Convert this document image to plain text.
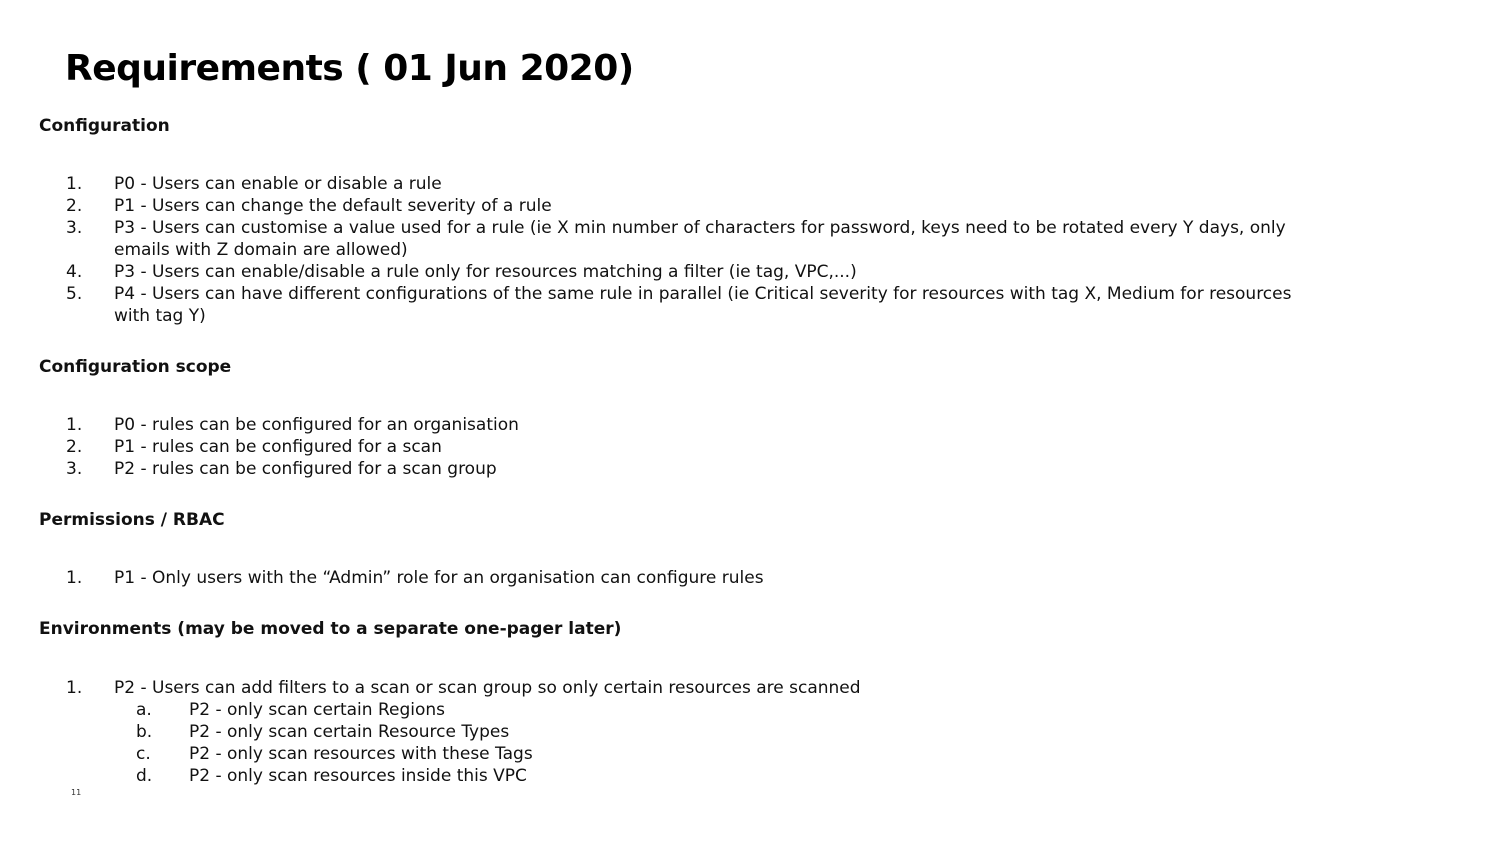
Requirements ( 01 Jun 2020)
Configuration
1. P0 - Users can enable or disable a rule
2. P1 - Users can change the default severity of a rule
3. P3 - Users can customise a value used for a rule (ie X min number of characters for password, keys need to be rotated every Y days, only emails with Z domain are allowed)
4. P3 - Users can enable/disable a rule only for resources matching a filter (ie tag, VPC,...)
5. P4 - Users can have different configurations of the same rule in parallel (ie Critical severity for resources with tag X, Medium for resources with tag Y)
Configuration scope
1. P0 - rules can be configured for an organisation
2. P1 - rules can be configured for a scan
3. P2 - rules can be configured for a scan group
Permissions / RBAC
1. P1 - Only users with the “Admin” role for an organisation can configure rules
Environments (may be moved to a separate one-pager later)
1. P2 - Users can add filters to a scan or scan group so only certain resources are scanned
a. P2 - only scan certain Regions
b. P2 - only scan certain Resource Types
c. P2 - only scan resources with these Tags
d. P2 - only scan resources inside this VPC
11
